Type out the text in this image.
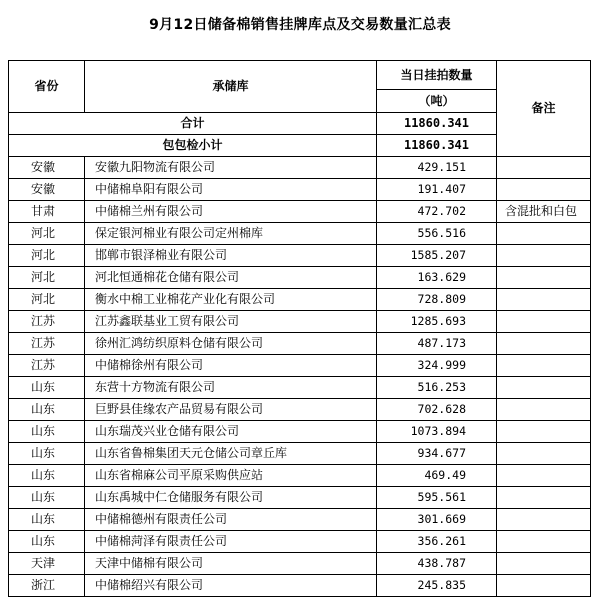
9月12日储备棉销售挂牌库点及交易数量汇总表
省份	承储库	当日挂拍数量	备注
		（吨）	
合计		11860.341	
包包检小计		11860.341	
安徽	安徽九阳物流有限公司	429.151	
安徽	中储棉阜阳有限公司	191.407	
甘肃	中储棉兰州有限公司	472.702	含混批和白包
河北	保定银河棉业有限公司定州棉库	556.516	
河北	邯郸市银泽棉业有限公司	1585.207	
河北	河北恒通棉花仓储有限公司	163.629	
河北	衡水中棉工业棉花产业化有限公司	728.809	
江苏	江苏鑫联基业工贸有限公司	1285.693	
江苏	徐州汇鸿纺织原料仓储有限公司	487.173	
江苏	中储棉徐州有限公司	324.999	
山东	东营十方物流有限公司	516.253	
山东	巨野县佳缘农产品贸易有限公司	702.628	
山东	山东瑞茂兴业仓储有限公司	1073.894	
山东	山东省鲁棉集团天元仓储公司章丘库	934.677	
山东	山东省棉麻公司平原采购供应站	469.49	
山东	山东禹城中仁仓储服务有限公司	595.561	
山东	中储棉德州有限责任公司	301.669	
山东	中储棉菏泽有限责任公司	356.261	
天津	天津中储棉有限公司	438.787	
浙江	中储棉绍兴有限公司	245.835	
